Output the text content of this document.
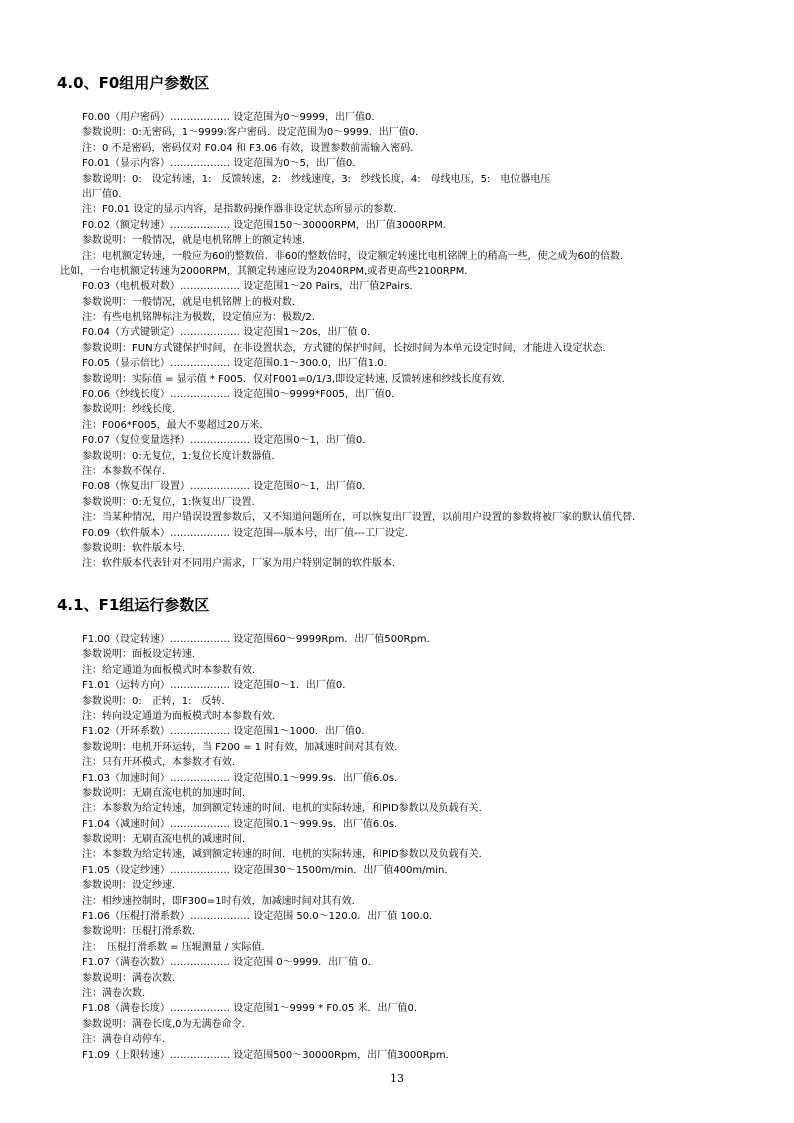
4.0、F0组用户参数区
F0.00（用户密码）……………… 设定范围为0～9999，出厂值0．
参数说明：0:无密码，1～9999:客户密码．设定范围为0～9999．出厂值0．
注：0 不是密码，密码仅对 F0.04 和 F3.06 有效，设置参数前需输入密码．
F0.01（显示内容）……………… 设定范围为0～5，出厂值0．
参数说明：0:　设定转速，1:　反馈转速，2:　纱线速度，3:　纱线长度，4:　母线电压，5:　电位器电压
出厂值0．
注：F0.01 设定的显示内容，是指数码操作器非设定状态所显示的参数．
F0.02（额定转速）……………… 设定范围150～30000RPM，出厂值3000RPM．
参数说明：一般情况，就是电机铭牌上的额定转速．
注：电机额定转速，一般应为60的整数倍．非60的整数倍时，设定额定转速比电机铭牌上的稍高一些，使之成为60的倍数．
比如，一台电机额定转速为2000RPM，其额定转速应设为2040RPM,或者更高些2100RPM．
F0.03（电机极对数）……………… 设定范围1～20 Pairs，出厂值2Pairs．
参数说明：一般情况，就是电机铭牌上的极对数．
注：有些电机铭牌标注为极数，设定值应为：极数/2．
F0.04（方式键锁定）……………… 设定范围1～20s，出厂值 0．
参数说明：FUN方式键保护时间，在非设置状态，方式键的保护时间，长按时间为本单元设定时间，才能进入设定状态．
F0.05（显示倍比）……………… 设定范围0.1～300.0，出厂值1.0．
参数说明：实际值 = 显示值 * F005．仅对F001=0/1/3,即设定转速, 反馈转速和纱线长度有效．
F0.06（纱线长度）……………… 设定范围0～9999*F005，出厂值0．
参数说明：纱线长度．
注：F006*F005，最大不要超过20万米．
F0.07（复位变量选择）……………… 设定范围0～1，出厂值0．
参数说明：0:无复位，1:复位长度计数器值．
注：本参数不保存．
F0.08（恢复出厂设置）……………… 设定范围0～1，出厂值0．
参数说明：0:无复位，1:恢复出厂设置．
注：当某种情况，用户错误设置参数后，又不知道问题所在，可以恢复出厂设置，以前用户设置的参数将被厂家的默认值代替．
F0.09（软件版本）……………… 设定范围---版本号，出厂值---工厂设定．
参数说明：软件版本号．
注：软件版本代表针对不同用户需求，厂家为用户特别定制的软件版本．
4.1、F1组运行参数区
F1.00（设定转速）……………… 设定范围60～9999Rpm．出厂值500Rpm．
参数说明：面板设定转速．
注：给定通道为面板模式时本参数有效．
F1.01（运转方向）……………… 设定范围0～1．出厂值0．
参数说明：0:　正转，1:　反转．
注：转向设定通道为面板模式时本参数有效．
F1.02（开环系数）……………… 设定范围1～1000．出厂值0．
参数说明：电机开环运转，当 F200 = 1 时有效，加减速时间对其有效．
注：只有开环模式，本参数才有效．
F1.03（加速时间）……………… 设定范围0.1～999.9s．出厂值6.0s．
参数说明：无刷直流电机的加速时间．
注：本参数为给定转速，加到额定转速的时间．电机的实际转速，和PID参数以及负载有关．
F1.04（减速时间）……………… 设定范围0.1～999.9s．出厂值6.0s．
参数说明：无刷直流电机的减速时间．
注：本参数为给定转速，减到额定转速的时间．电机的实际转速，和PID参数以及负载有关．
F1.05（设定纱速）……………… 设定范围30～1500m/min．出厂值400m/min．
参数说明：设定纱速．
注：相纱速控制时，即F300=1时有效，加减速时间对其有效．
F1.06（压棍打滑系数）……………… 设定范围 50.0～120.0．出厂值 100.0．
参数说明：压棍打滑系数．
注：　压棍打滑系数 = 压辊测量 / 实际值．
F1.07（满卷次数）……………… 设定范围 0～9999．出厂值 0．
参数说明：满卷次数．
注：满卷次数．
F1.08（满卷长度）……………… 设定范围1～9999 * F0.05 米．出厂值0．
参数说明：满卷长度,0为无满卷命令．
注：满卷自动停车．
F1.09（上限转速）……………… 设定范围500～30000Rpm，出厂值3000Rpm．
13
